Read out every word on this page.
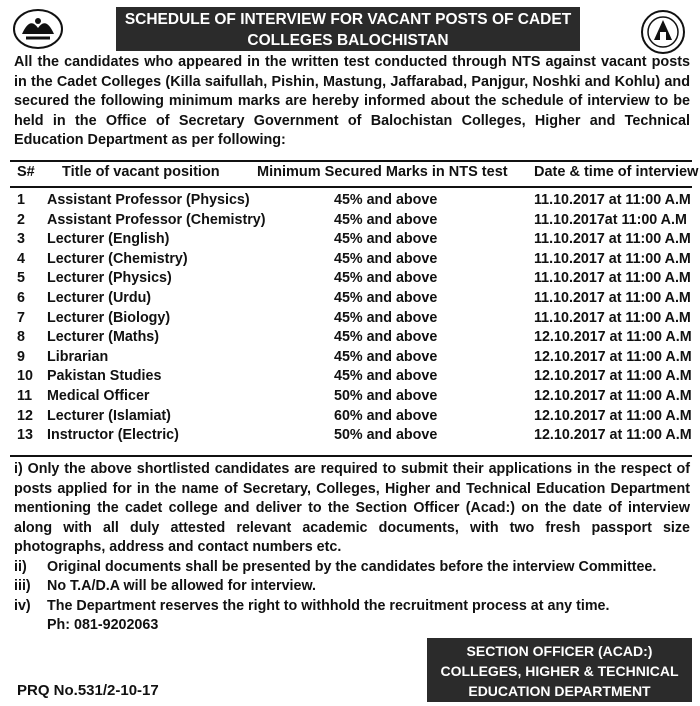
SCHEDULE OF INTERVIEW FOR VACANT POSTS OF CADET
COLLEGES BALOCHISTAN
All the candidates who appeared in the written test conducted through NTS against vacant posts in the Cadet Colleges (Killa saifullah, Pishin, Mastung, Jaffarabad, Panjgur, Noshki and Kohlu) and secured the following minimum marks are hereby informed about the schedule of interview to be held in the Office of Secretary Government of Balochistan Colleges, Higher and Technical Education Department as per following:
S# Title of vacant position	Minimum Secured Marks in NTS test Date & time of interview
1 Assistant Professor (Physics)	45% and above	11.10.2017 at 11:00 A.M
2 Assistant Professor (Chemistry)	45% and above	11.10.2017at 11:00 A.M
3 Lecturer (English)	45% and above	11.10.2017 at 11:00 A.M
4 Lecturer (Chemistry)	45% and above	11.10.2017 at 11:00 A.M
5 Lecturer (Physics)	45% and above	11.10.2017 at 11:00 A.M
6 Lecturer (Urdu)	45% and above	11.10.2017 at 11:00 A.M
7 Lecturer (Biology)	45% and above	11.10.2017 at 11:00 A.M
8 Lecturer (Maths)	45% and above	12.10.2017 at 11:00 A.M
9 Librarian	45% and above	12.10.2017 at 11:00 A.M
10 Pakistan Studies	45% and above	12.10.2017 at 11:00 A.M
11 Medical Officer	50% and above	12.10.2017 at 11:00 A.M
12 Lecturer (Islamiat)	60% and above	12.10.2017 at 11:00 A.M
13 Instructor (Electric)	50% and above	12.10.2017 at 11:00 A.M
i) Only the above shortlisted candidates are required to submit their applications in the respect of posts applied for in the name of Secretary, Colleges, Higher and Technical Education Department mentioning the cadet college and deliver to the Section Officer (Acad:) on the date of interview along with all duly attested relevant academic documents, with two fresh passport size photographs, address and contact numbers etc.
ii) Original documents shall be presented by the candidates before the interview Committee.
iii) No T.A/D.A will be allowed for interview.
iv) The Department reserves the right to withhold the recruitment process at any time.
Ph: 081-9202063
SECTION OFFICER (ACAD:)
COLLEGES, HIGHER & TECHNICAL
EDUCATION DEPARTMENT
PRQ No.531/2-10-17
